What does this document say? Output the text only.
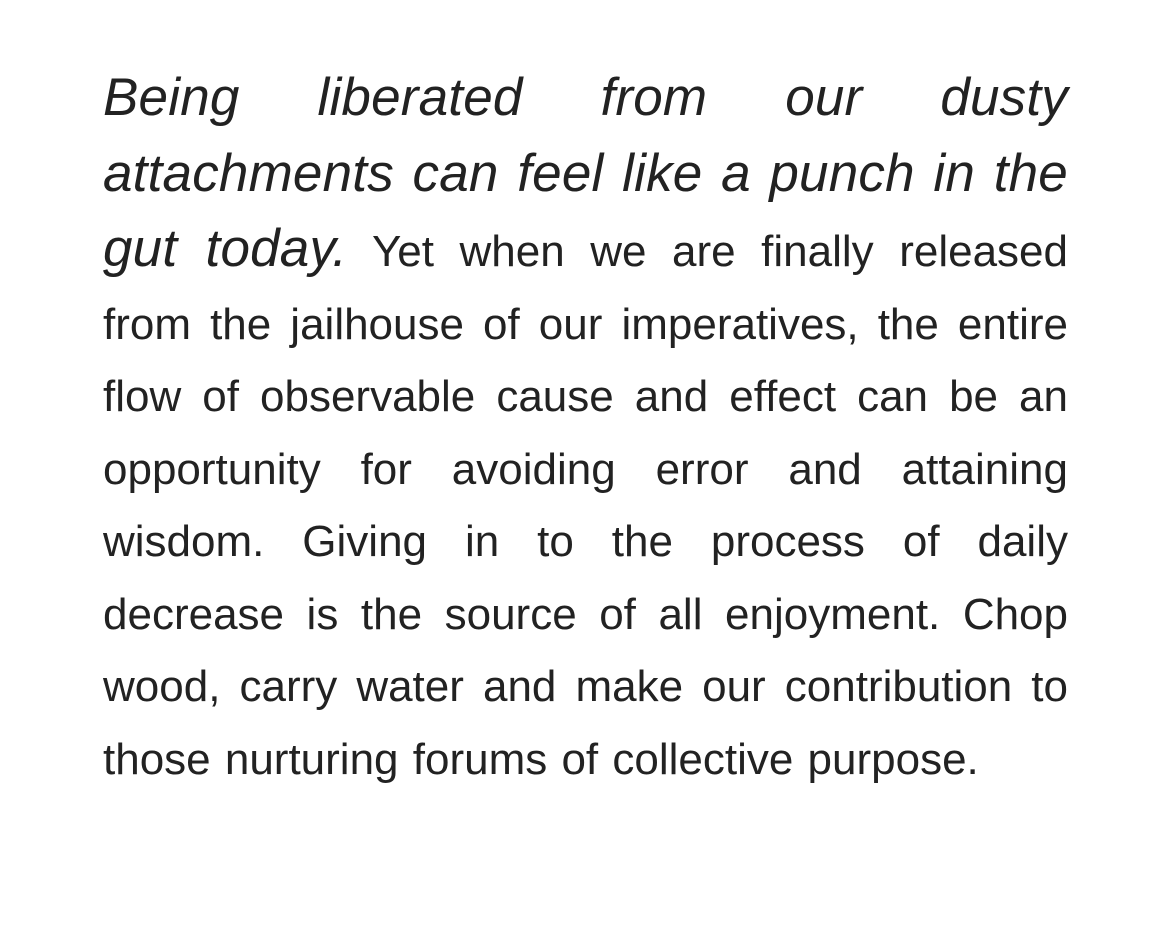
Being liberated from our dusty attachments can feel like a punch in the gut today. Yet when we are finally released from the jailhouse of our imperatives, the entire flow of observable cause and effect can be an opportunity for avoiding error and attaining wisdom. Giving in to the process of daily decrease is the source of all enjoyment. Chop wood, carry water and make our contribution to those nurturing forums of collective purpose.
